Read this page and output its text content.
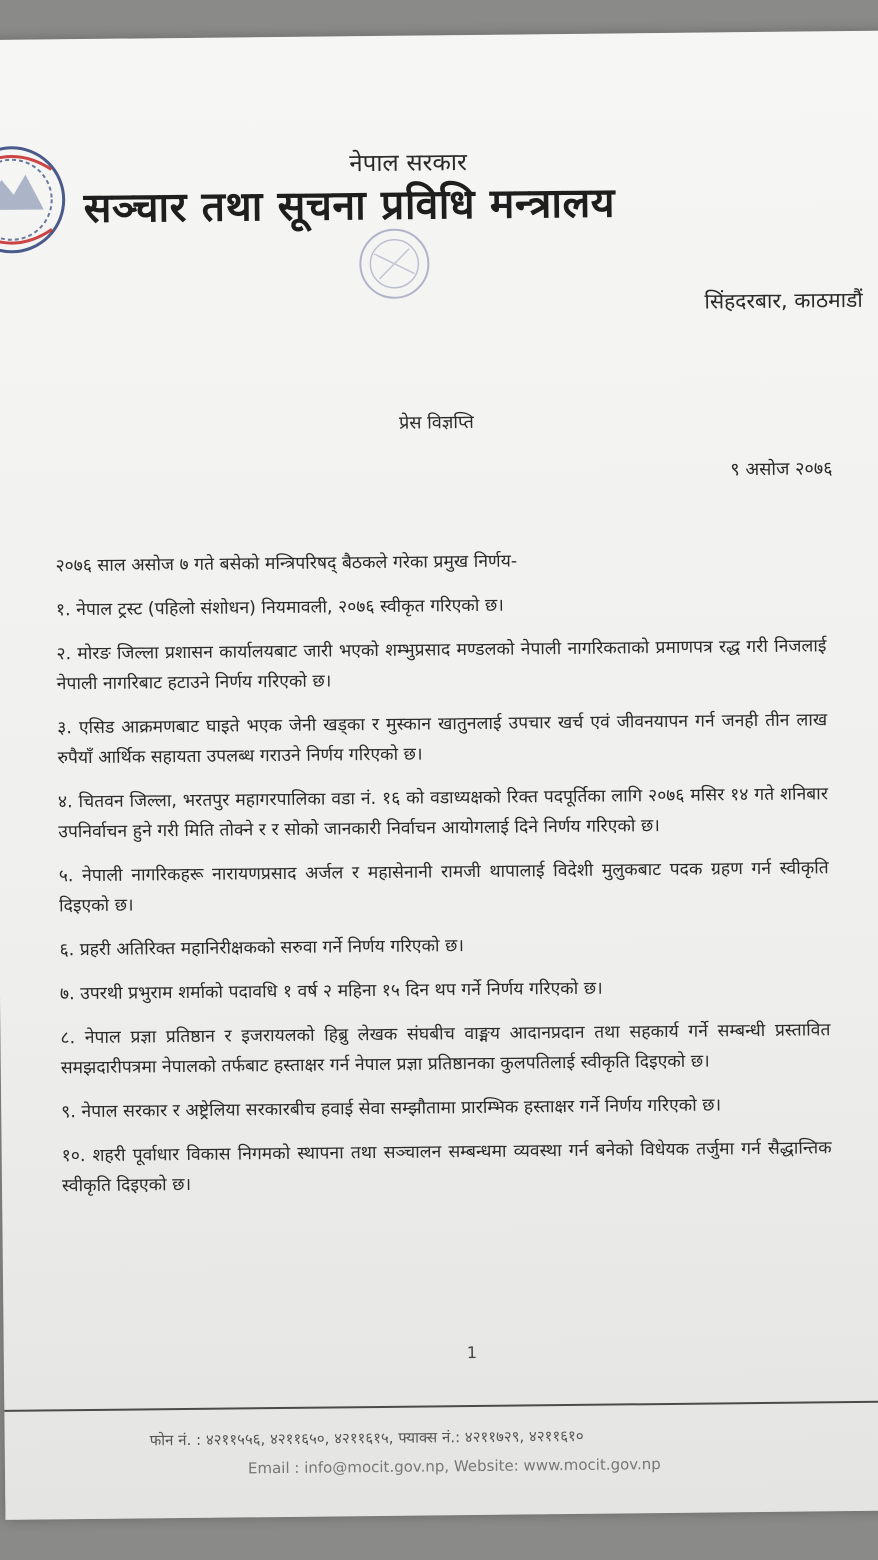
नेपाल सरकार
सञ्चार तथा सूचना प्रविधि मन्त्रालय
सिंहदरबार, काठमाडौं
प्रेस विज्ञप्ति
९ असोज २०७६
२०७६ साल असोज ७ गते बसेको मन्त्रिपरिषद् बैठकले गरेका प्रमुख निर्णय-
१. नेपाल ट्रस्ट (पहिलो संशोधन) नियमावली, २०७६ स्वीकृत गरिएको छ।
२. मोरङ जिल्ला प्रशासन कार्यालयबाट जारी भएको शम्भुप्रसाद मण्डलको नेपाली नागरिकताको प्रमाणपत्र रद्ध गरी निजलाई नेपाली नागरिबाट हटाउने निर्णय गरिएको छ।
३. एसिड आक्रमणबाट घाइते भएक जेनी खड्का र मुस्कान खातुनलाई उपचार खर्च एवं जीवनयापन गर्न जनही तीन लाख रुपैयाँ आर्थिक सहायता उपलब्ध गराउने निर्णय गरिएको छ।
४. चितवन जिल्ला, भरतपुर महागरपालिका वडा नं. १६ को वडाध्यक्षको रिक्त पदपूर्तिका लागि २०७६ मसिर १४ गते शनिबार उपनिर्वाचन हुने गरी मिति तोक्ने र र सोको जानकारी निर्वाचन आयोगलाई दिने निर्णय गरिएको छ।
५. नेपाली नागरिकहरू नारायणप्रसाद अर्जल र महासेनानी रामजी थापालाई विदेशी मुलुकबाट पदक ग्रहण गर्न स्वीकृति दिइएको छ।
६. प्रहरी अतिरिक्त महानिरीक्षकको सरुवा गर्ने निर्णय गरिएको छ।
७. उपरथी प्रभुराम शर्माको पदावधि १ वर्ष २ महिना १५ दिन थप गर्ने निर्णय गरिएको छ।
८. नेपाल प्रज्ञा प्रतिष्ठान र इजरायलको हिब्रु लेखक संघबीच वाङ्मय आदानप्रदान तथा सहकार्य गर्ने सम्बन्धी प्रस्तावित समझदारीपत्रमा नेपालको तर्फबाट हस्ताक्षर गर्न नेपाल प्रज्ञा प्रतिष्ठानका कुलपतिलाई स्वीकृति दिइएको छ।
९. नेपाल सरकार र अष्ट्रेलिया सरकारबीच हवाई सेवा सम्झौतामा प्रारम्भिक हस्ताक्षर गर्ने निर्णय गरिएको छ।
१०. शहरी पूर्वाधार विकास निगमको स्थापना तथा सञ्चालन सम्बन्धमा व्यवस्था गर्न बनेको विधेयक तर्जुमा गर्न सैद्धान्तिक स्वीकृति दिइएको छ।
1
फोन नं. : ४२११५५६, ४२११६५०, ४२११६१५, फ्याक्स नं.: ४२११७२९, ४२११६१०
Email : info@mocit.gov.np, Website: www.mocit.gov.np
